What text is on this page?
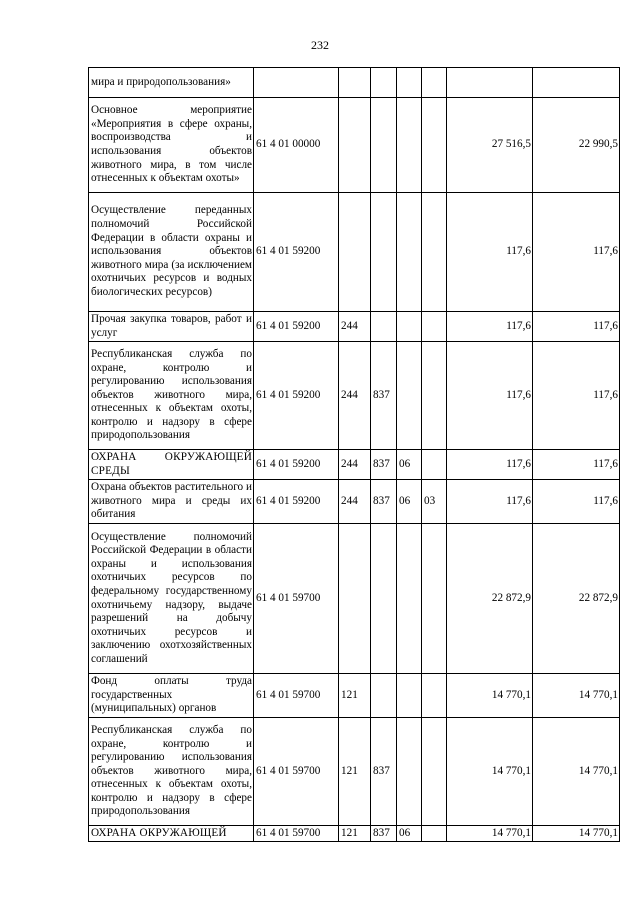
232
мира и природопользования»							
Основное мероприятие «Мероприятия в сфере охраны, воспроизводства и использования объектов животного мира, в том числе отнесенных к объектам охоты»	61 4 01 00000					27 516,5	22 990,5
Осуществление переданных полномочий Российской Федерации в области охраны и использования объектов животного мира (за исключением охотничьих ресурсов и водных биологических ресурсов)	61 4 01 59200					117,6	117,6
Прочая закупка товаров, работ и услуг	61 4 01 59200	244				117,6	117,6
Республиканская служба по охране, контролю и регулированию использования объектов животного мира, отнесенных к объектам охоты, контролю и надзору в сфере природопользования	61 4 01 59200	244	837			117,6	117,6
ОХРАНА ОКРУЖАЮЩЕЙ СРЕДЫ	61 4 01 59200	244	837	06		117,6	117,6
Охрана объектов растительного и животного мира и среды их обитания	61 4 01 59200	244	837	06	03	117,6	117,6
Осуществление полномочий Российской Федерации в области охраны и использования охотничьих ресурсов по федеральному государственному охотничьему надзору, выдаче разрешений на добычу охотничьих ресурсов и заключению охотхозяйственных соглашений	61 4 01 59700					22 872,9	22 872,9
Фонд оплаты труда государственных (муниципальных) органов	61 4 01 59700	121				14 770,1	14 770,1
Республиканская служба по охране, контролю и регулированию использования объектов животного мира, отнесенных к объектам охоты, контролю и надзору в сфере природопользования	61 4 01 59700	121	837			14 770,1	14 770,1
ОХРАНА ОКРУЖАЮЩЕЙ	61 4 01 59700	121	837	06		14 770,1	14 770,1
